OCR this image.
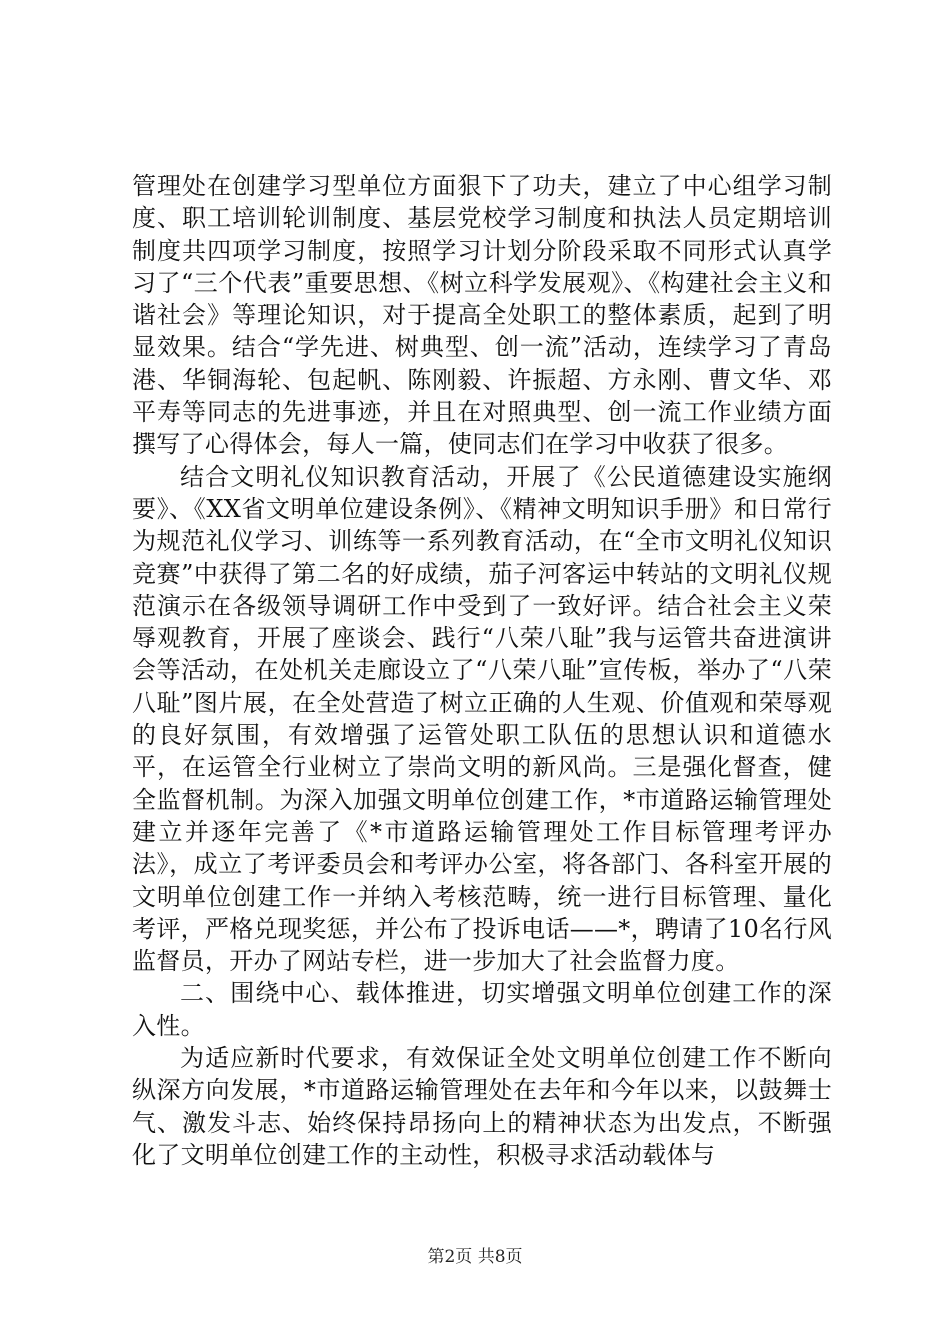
管理处在创建学习型单位方面狠下了功夫，建立了中心组学习制度、职工培训轮训制度、基层党校学习制度和执法人员定期培训制度共四项学习制度，按照学习计划分阶段采取不同形式认真学习了“三个代表”重要思想、《树立科学发展观》、《构建社会主义和谐社会》等理论知识，对于提高全处职工的整体素质，起到了明显效果。结合“学先进、树典型、创一流”活动，连续学习了青岛港、华铜海轮、包起帆、陈刚毅、许振超、方永刚、曹文华、邓平寿等同志的先进事迹，并且在对照典型、创一流工作业绩方面撰写了心得体会，每人一篇，使同志们在学习中收获了很多。

结合文明礼仪知识教育活动，开展了《公民道德建设实施纲要》、《XX省文明单位建设条例》、《精神文明知识手册》和日常行为规范礼仪学习、训练等一系列教育活动，在“全市文明礼仪知识竞赛”中获得了第二名的好成绩，茄子河客运中转站的文明礼仪规范演示在各级领导调研工作中受到了一致好评。结合社会主义荣辱观教育，开展了座谈会、践行“八荣八耻”我与运管共奋进演讲会等活动，在处机关走廊设立了“八荣八耻”宣传板，举办了“八荣八耻”图片展，在全处营造了树立正确的人生观、价值观和荣辱观的良好氛围，有效增强了运管处职工队伍的思想认识和道德水平，在运管全行业树立了崇尚文明的新风尚。三是强化督查，健全监督机制。为深入加强文明单位创建工作，*市道路运输管理处建立并逐年完善了《*市道路运输管理处工作目标管理考评办法》，成立了考评委员会和考评办公室，将各部门、各科室开展的文明单位创建工作一并纳入考核范畴，统一进行目标管理、量化考评，严格兑现奖惩，并公布了投诉电话——*，聘请了10名行风监督员，开办了网站专栏，进一步加大了社会监督力度。

二、围绕中心、载体推进，切实增强文明单位创建工作的深入性。

为适应新时代要求，有效保证全处文明单位创建工作不断向纵深方向发展，*市道路运输管理处在去年和今年以来，以鼓舞士气、激发斗志、始终保持昂扬向上的精神状态为出发点，不断强化了文明单位创建工作的主动性，积极寻求活动载体与

第2页 共8页
